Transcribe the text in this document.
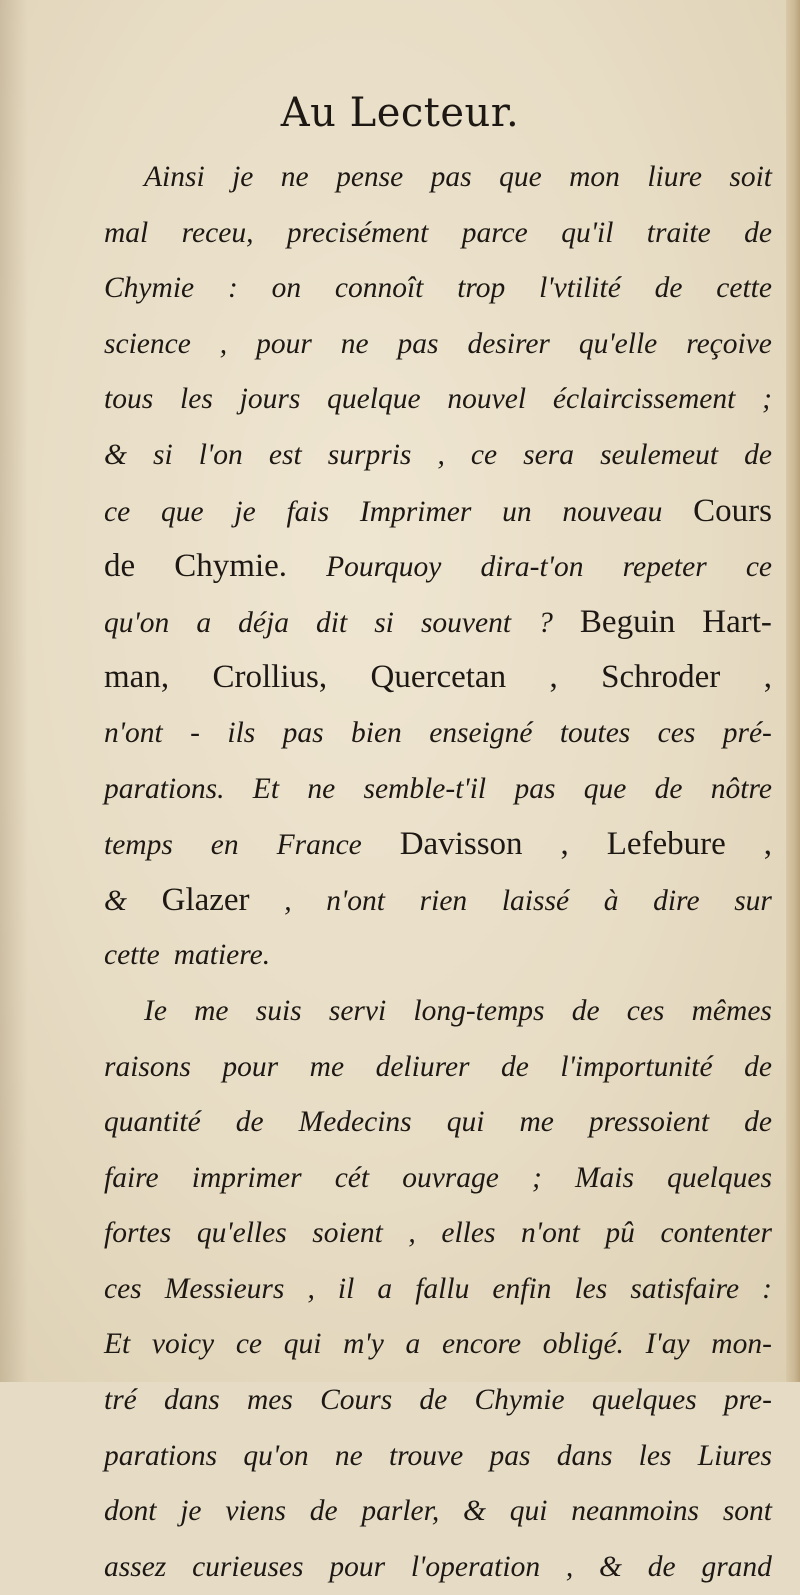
Au Lecteur.
Ainsi je ne pense pas que mon liure soit
mal receu, precisément parce qu'il traite de
Chymie : on connoît trop l'vtilité de cette
science , pour ne pas desirer qu'elle reçoive
tous les jours quelque nouvel éclaircissement ;
& si l'on est surpris , ce sera seulemeut de
ce que je fais Imprimer un nouveau Cours
de Chymie. Pourquoy dira-t'on repeter ce
qu'on a déja dit si souvent ? Beguin Hart-
man, Crollius, Quercetan , Schroder ,
n'ont - ils pas bien enseigné toutes ces pré-
parations. Et ne semble-t'il pas que de nôtre
temps en France Davisson , Lefebure ,
& Glazer , n'ont rien laissé à dire sur
cette matiere.
Ie me suis servi long-temps de ces mêmes
raisons pour me deliurer de l'importunité de
quantité de Medecins qui me pressoient de
faire imprimer cét ouvrage ; Mais quelques
fortes qu'elles soient , elles n'ont pû contenter
ces Messieurs , il a fallu enfin les satisfaire :
Et voicy ce qui m'y a encore obligé. I'ay mon-
tré dans mes Cours de Chymie quelques pre-
parations qu'on ne trouve pas dans les Liures
dont je viens de parler, & qui neanmoins sont
assez curieuses pour l'operation , & de grand
